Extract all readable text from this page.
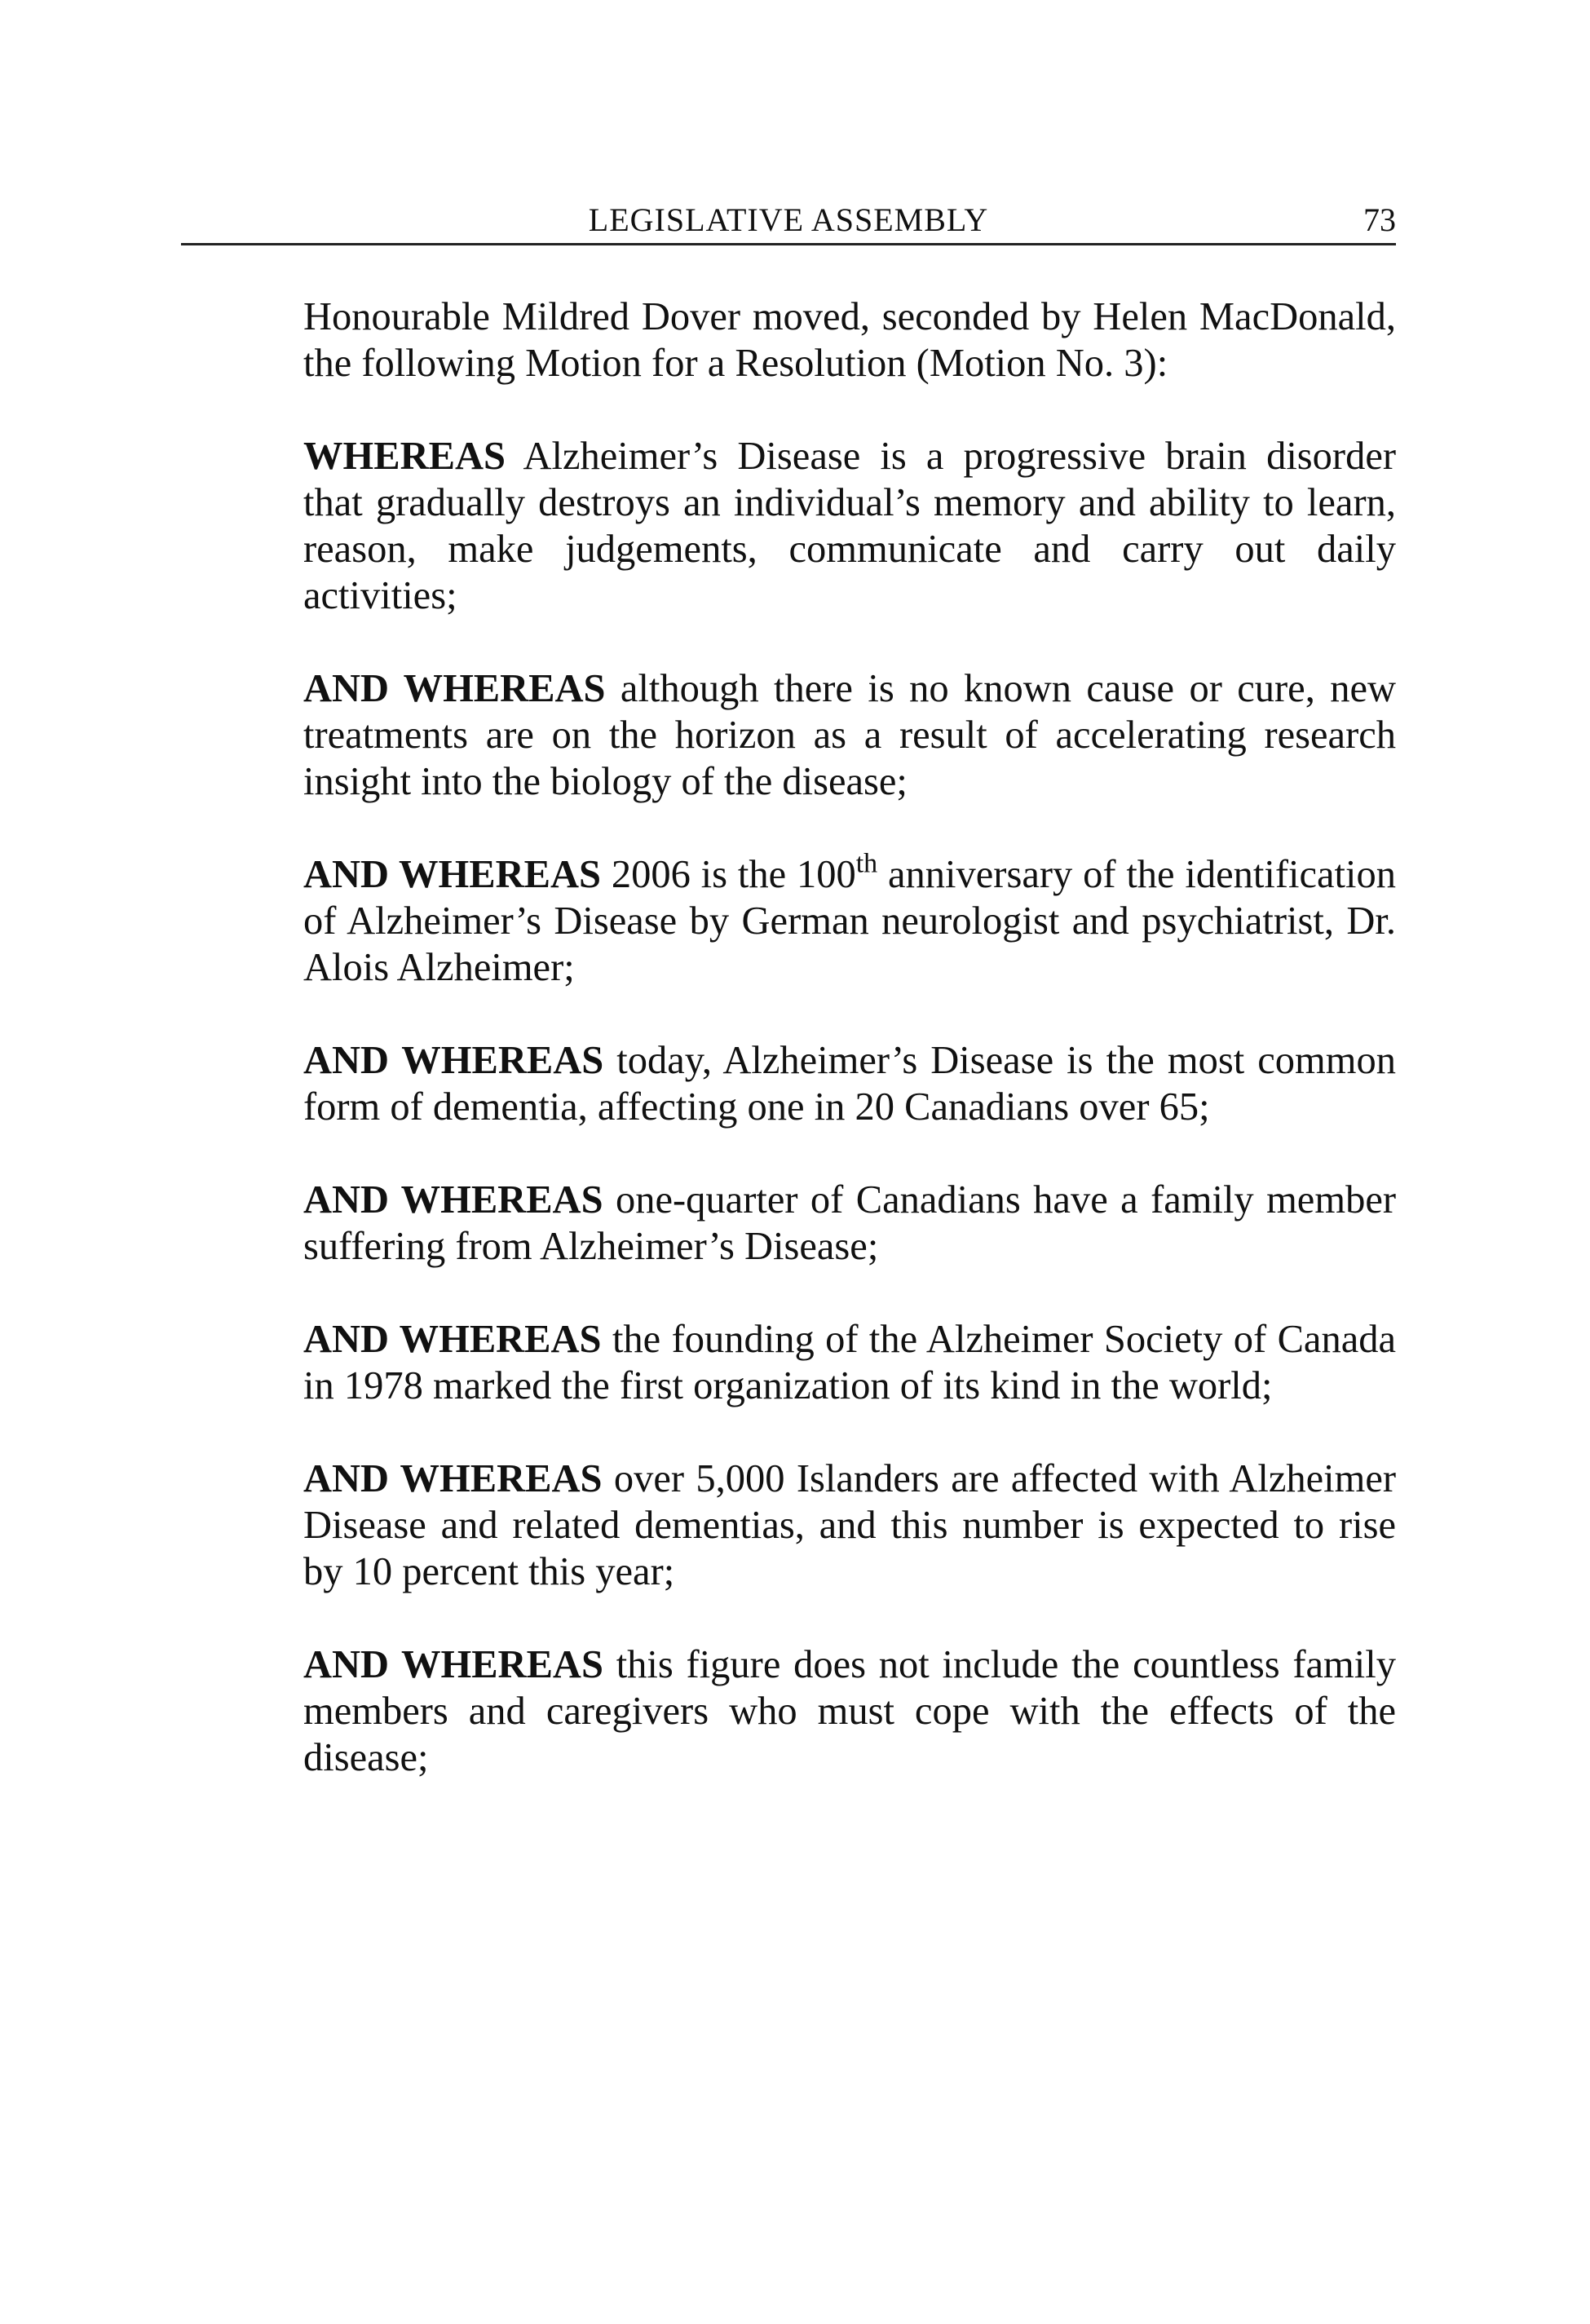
LEGISLATIVE ASSEMBLY	73

Honourable Mildred Dover moved, seconded by Helen MacDonald, the following Motion for a Resolution (Motion No. 3):

WHEREAS Alzheimer’s Disease is a progressive brain disorder that gradually destroys an individual’s memory and ability to learn, reason, make judgements, communicate and carry out daily activities;

AND WHEREAS although there is no known cause or cure, new treatments are on the horizon as a result of accelerating research insight into the biology of the disease;

AND WHEREAS 2006 is the 100th anniversary of the identification of Alzheimer’s Disease by German neurologist and psychiatrist, Dr. Alois Alzheimer;

AND WHEREAS today, Alzheimer’s Disease is the most common form of dementia, affecting one in 20 Canadians over 65;

AND WHEREAS one-quarter of Canadians have a family member suffering from Alzheimer’s Disease;

AND WHEREAS the founding of the Alzheimer Society of Canada in 1978 marked the first organization of its kind in the world;

AND WHEREAS over 5,000 Islanders are affected with Alzheimer Disease and related dementias, and this number is expected to rise by 10 percent this year;

AND WHEREAS this figure does not include the countless family members and caregivers who must cope with the effects of the disease;
